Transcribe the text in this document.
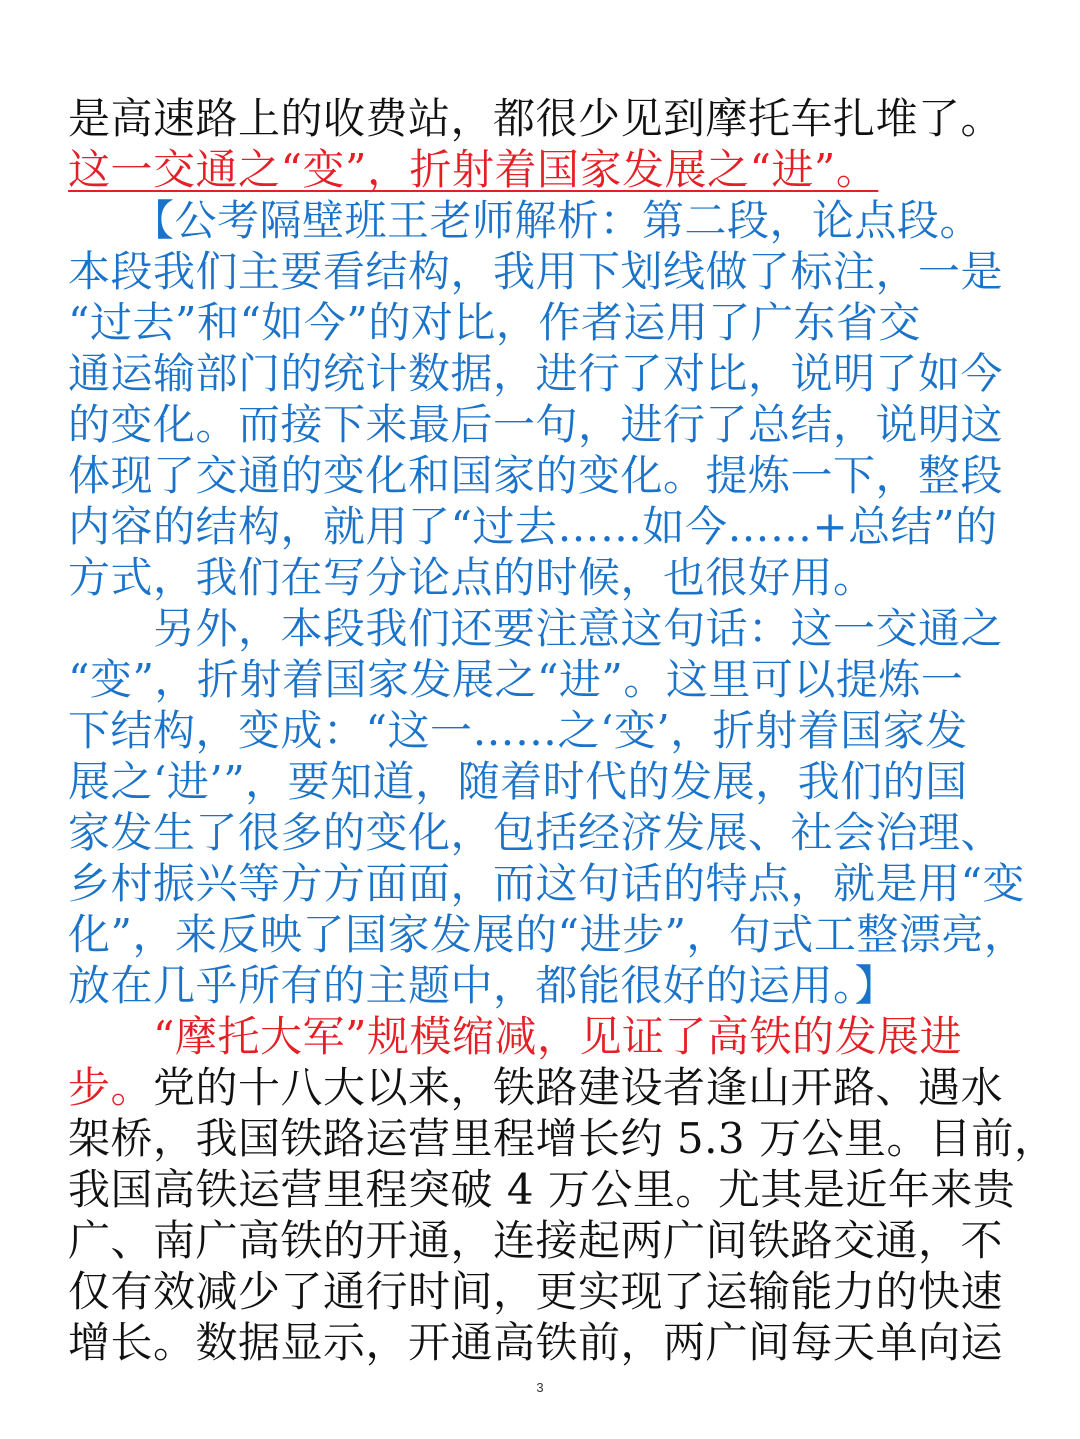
是高速路上的收费站，都很少见到摩托车扎堆了。
这一交通之“变”，折射着国家发展之“进”。
　　【公考隔壁班王老师解析：第二段，论点段。
本段我们主要看结构，我用下划线做了标注，一是
“过去”和“如今”的对比，作者运用了广东省交
通运输部门的统计数据，进行了对比，说明了如今
的变化。而接下来最后一句，进行了总结，说明这
体现了交通的变化和国家的变化。提炼一下，整段
内容的结构，就用了“过去……如今……+总结”的
方式，我们在写分论点的时候，也很好用。
　　另外，本段我们还要注意这句话：这一交通之
“变”，折射着国家发展之“进”。这里可以提炼一
下结构，变成：“这一……之‘变’，折射着国家发
展之‘进’”，要知道，随着时代的发展，我们的国
家发生了很多的变化，包括经济发展、社会治理、
乡村振兴等方方面面，而这句话的特点，就是用“变
化”，来反映了国家发展的“进步”，句式工整漂亮，
放在几乎所有的主题中，都能很好的运用。】
　　“摩托大军”规模缩减，见证了高铁的发展进
步。党的十八大以来，铁路建设者逢山开路、遇水
架桥，我国铁路运营里程增长约 5.3 万公里。目前，
我国高铁运营里程突破 4 万公里。尤其是近年来贵
广、南广高铁的开通，连接起两广间铁路交通，不
仅有效减少了通行时间，更实现了运输能力的快速
增长。数据显示，开通高铁前，两广间每天单向运
3
